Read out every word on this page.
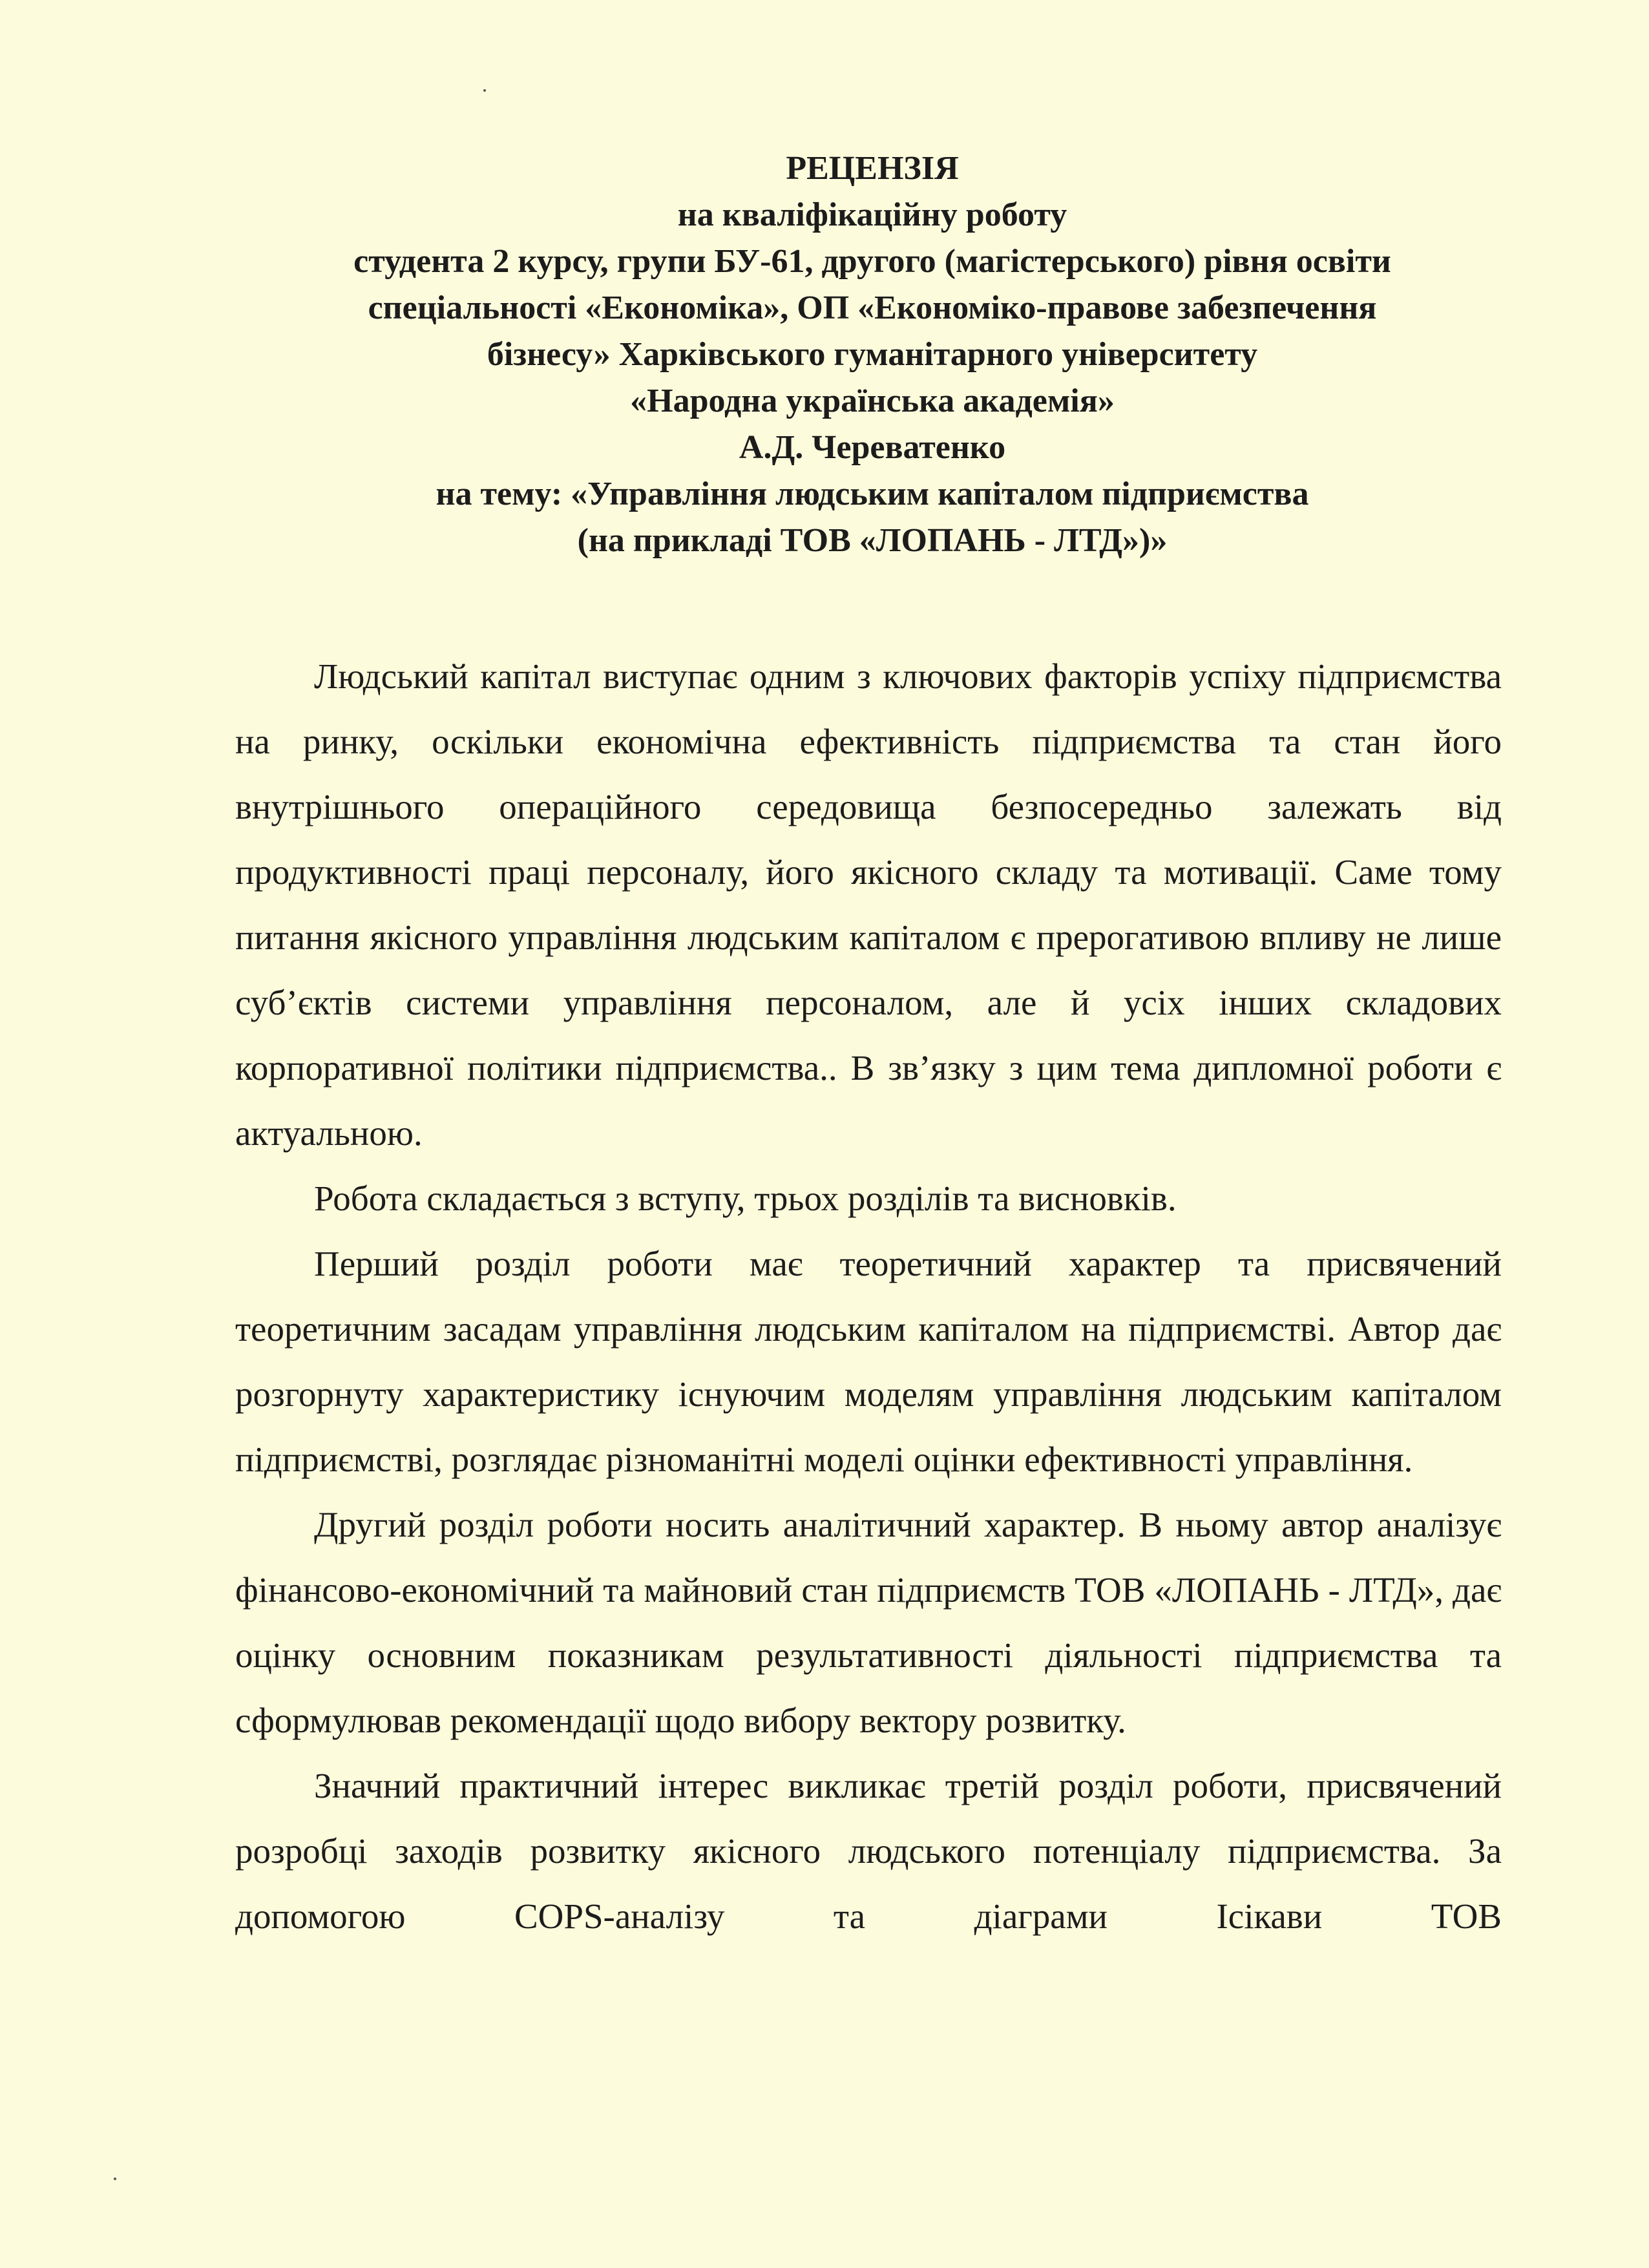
РЕЦЕНЗІЯ
на кваліфікаційну роботу
студента 2 курсу, групи БУ-61, другого (магістерського) рівня освіти
спеціальності «Економіка», ОП «Економіко-правове забезпечення
бізнесу» Харківського гуманітарного університету
«Народна українська академія»
А.Д. Череватенко
на тему: «Управління людським капіталом підприємства
(на прикладі ТОВ «ЛОПАНЬ - ЛТД»)»

Людський капітал виступає одним з ключових факторів успіху підприємства на ринку, оскільки економічна ефективність підприємства та стан його внутрішнього операційного середовища безпосередньо залежать від продуктивності праці персоналу, його якісного складу та мотивації. Саме тому питання якісного управління людським капіталом є прерогативою впливу не лише суб’єктів системи управління персоналом, але й усіх інших складових корпоративної політики підприємства.. В зв’язку з цим тема дипломної роботи є актуальною.

Робота складається з вступу, трьох розділів та висновків.

Перший розділ роботи має теоретичний характер та присвячений теоретичним засадам управління людським капіталом на підприємстві. Автор дає розгорнуту характеристику існуючим моделям управління людським капіталом підприємстві, розглядає різноманітні моделі оцінки ефективності управління.

Другий розділ роботи носить аналітичний характер. В ньому автор аналізує фінансово-економічний та майновий стан підприємств ТОВ «ЛОПАНЬ - ЛТД», дає оцінку основним показникам результативності діяльності підприємства та сформулював рекомендації щодо вибору вектору розвитку.

Значний практичний інтерес викликає третій розділ роботи, присвячений розробці заходів розвитку якісного людського потенціалу підприємства. За допомогою COPS-аналізу та діаграми Ісікави ТОВ
